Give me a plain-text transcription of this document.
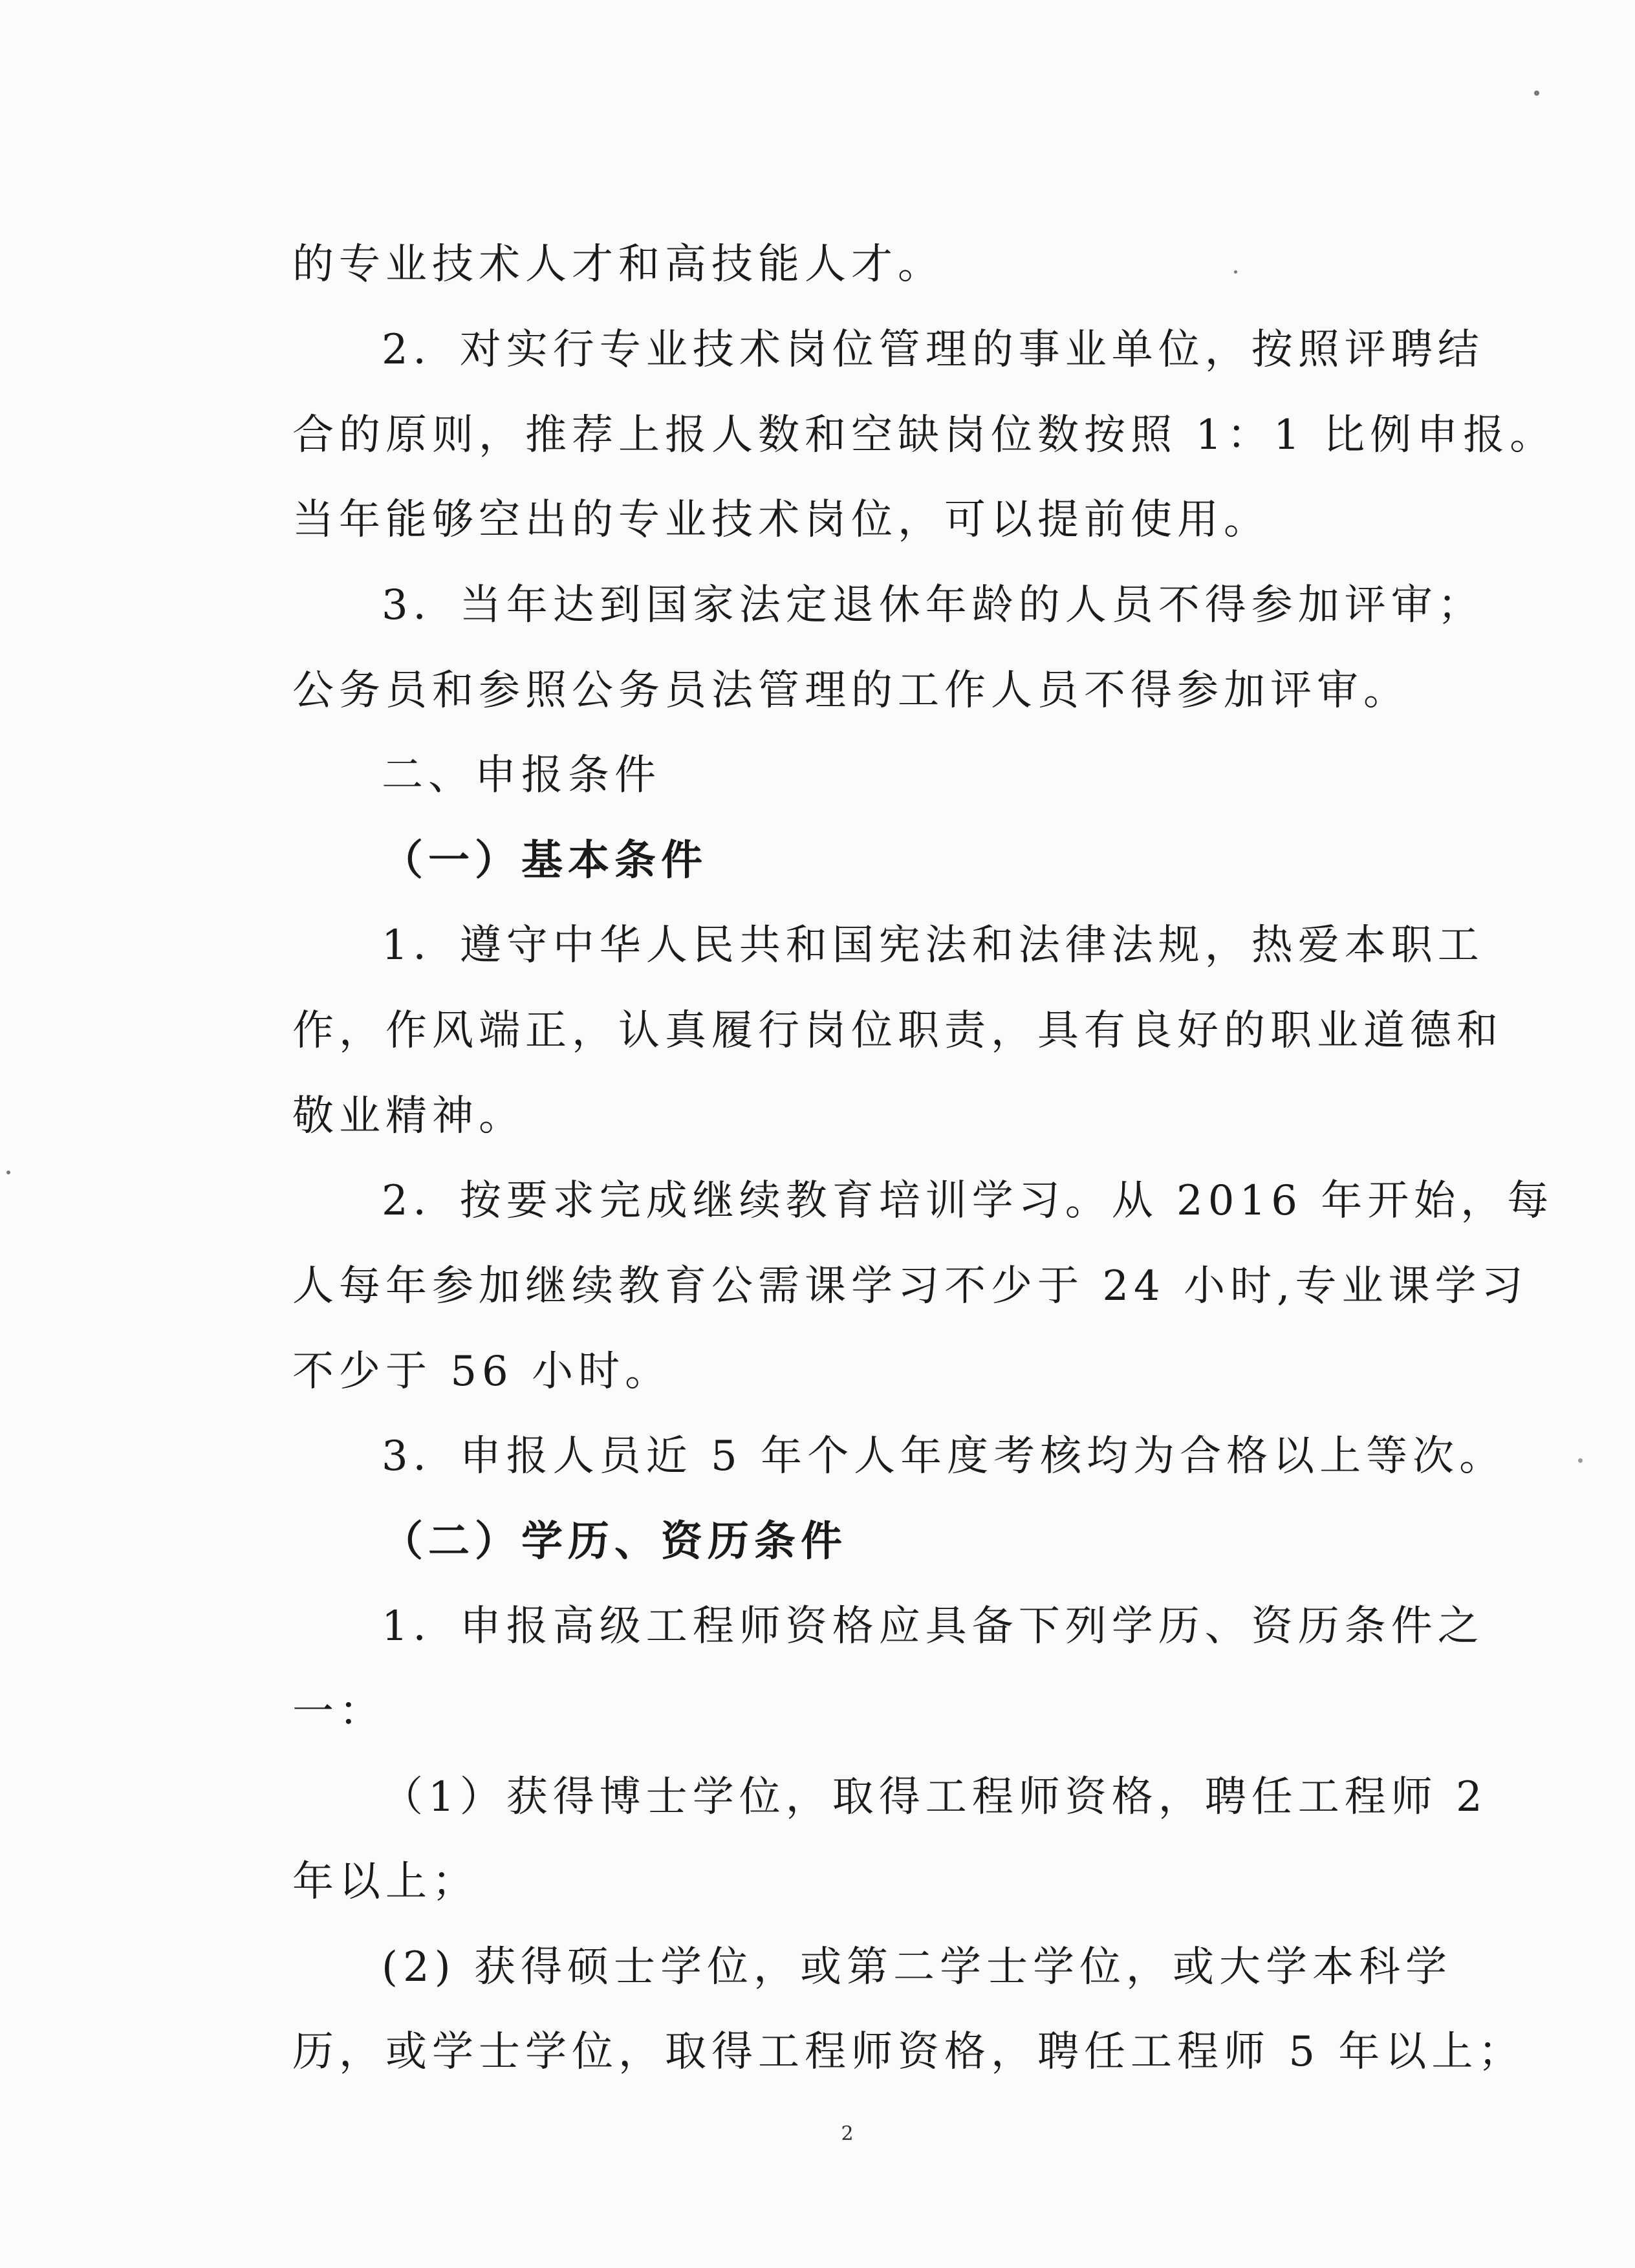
的专业技术人才和高技能人才。
2．对实行专业技术岗位管理的事业单位，按照评聘结
合的原则，推荐上报人数和空缺岗位数按照 1：1 比例申报。
当年能够空出的专业技术岗位，可以提前使用。
3．当年达到国家法定退休年龄的人员不得参加评审；
公务员和参照公务员法管理的工作人员不得参加评审。
二、申报条件
（一）基本条件
1．遵守中华人民共和国宪法和法律法规，热爱本职工
作，作风端正，认真履行岗位职责，具有良好的职业道德和
敬业精神。
2．按要求完成继续教育培训学习。从 2016 年开始，每
人每年参加继续教育公需课学习不少于 24 小时,专业课学习
不少于 56 小时。
3．申报人员近 5 年个人年度考核均为合格以上等次。
（二）学历、资历条件
1．申报高级工程师资格应具备下列学历、资历条件之
一：
（1）获得博士学位，取得工程师资格，聘任工程师 2
年以上；
(2) 获得硕士学位，或第二学士学位，或大学本科学
历，或学士学位，取得工程师资格，聘任工程师 5 年以上；
2
